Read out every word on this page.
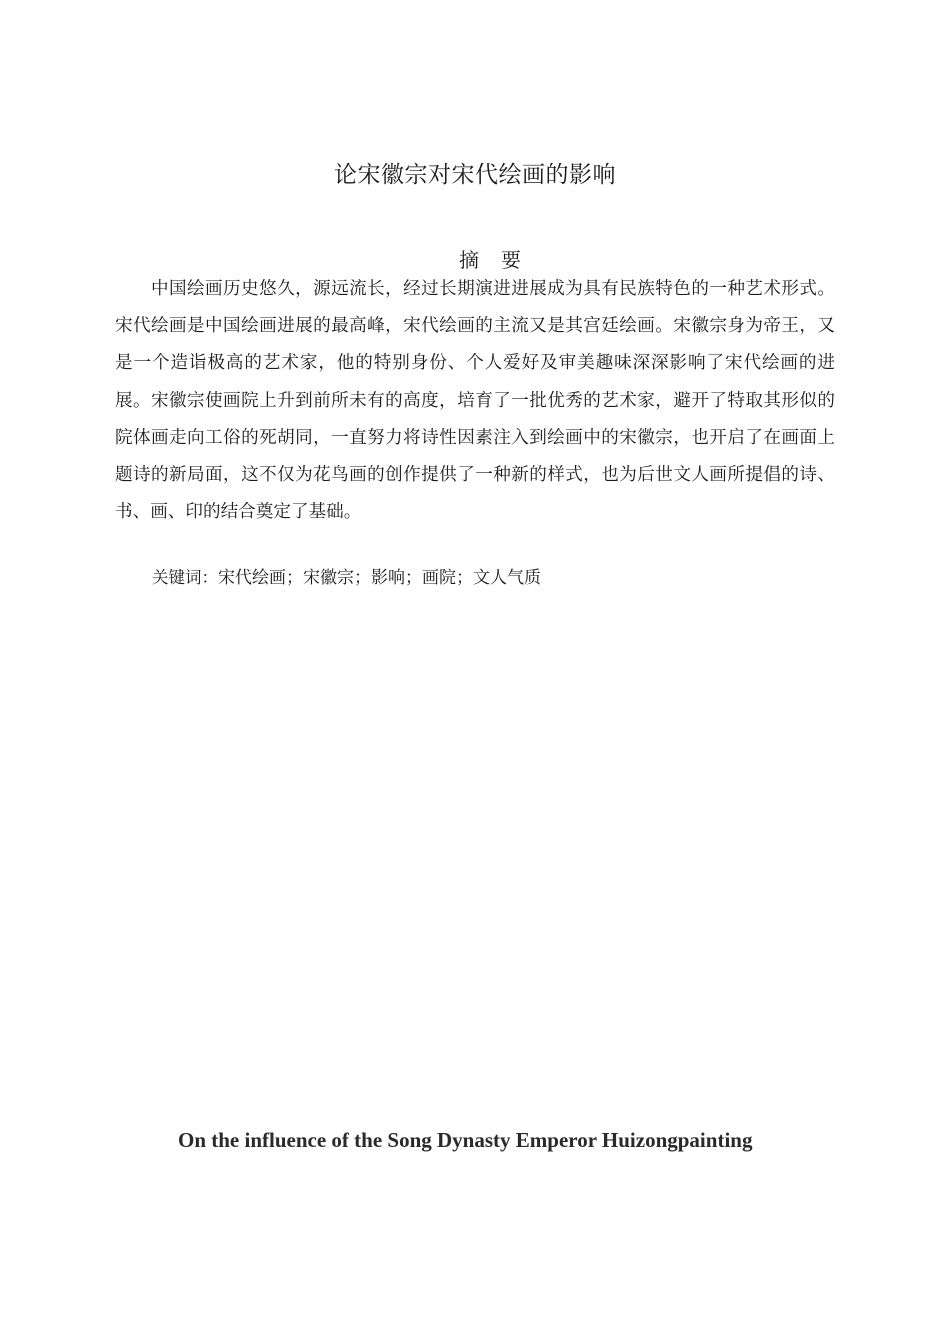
论宋徽宗对宋代绘画的影响
摘 要

中国绘画历史悠久，源远流长，经过长期演进进展成为具有民族特色的一种艺术形式。宋代绘画是中国绘画进展的最高峰，宋代绘画的主流又是其宫廷绘画。宋徽宗身为帝王，又是一个造诣极高的艺术家，他的特别身份、个人爱好及审美趣味深深影响了宋代绘画的进展。宋徽宗使画院上升到前所未有的高度，培育了一批优秀的艺术家，避开了特取其形似的院体画走向工俗的死胡同，一直努力将诗性因素注入到绘画中的宋徽宗，也开启了在画面上题诗的新局面，这不仅为花鸟画的创作提供了一种新的样式，也为后世文人画所提倡的诗、书、画、印的结合奠定了基础。

关键词：宋代绘画；宋徽宗；影响；画院；文人气质
On the influence of the Song Dynasty Emperor Huizongpainting
